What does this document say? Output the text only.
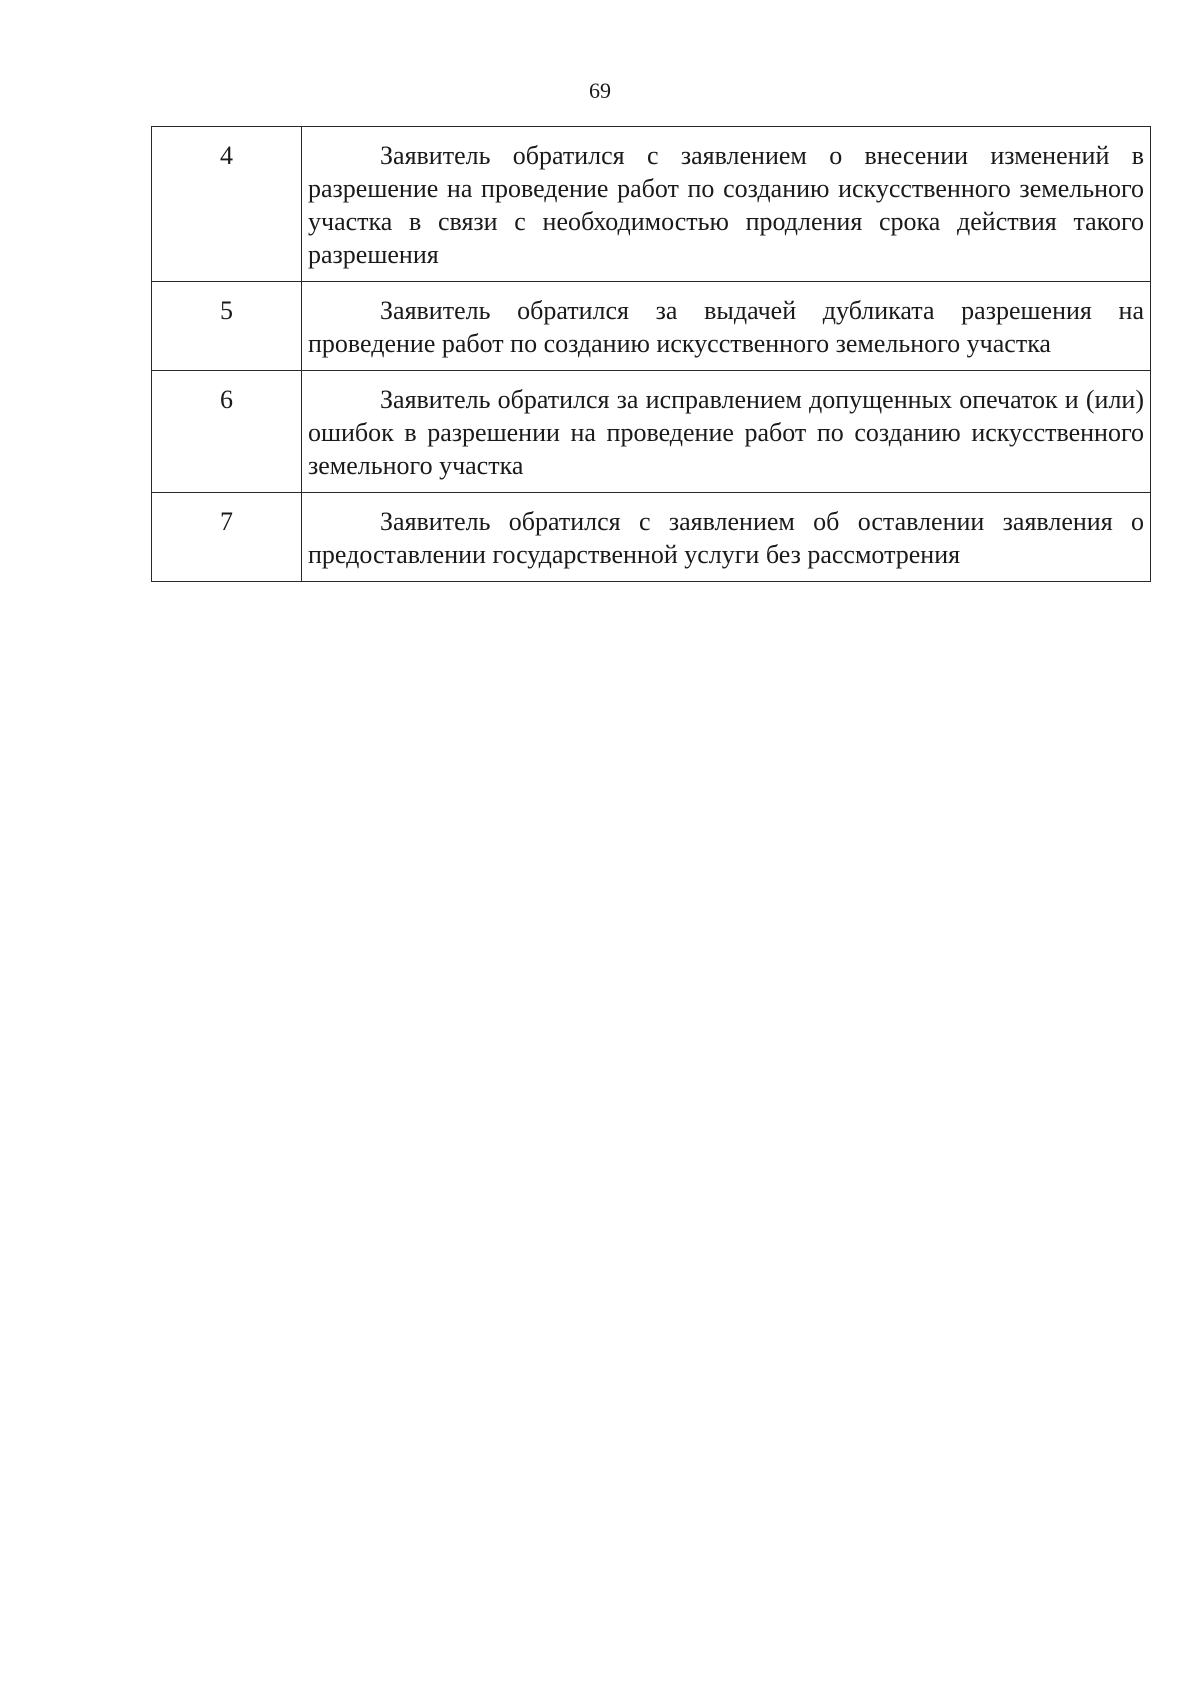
69
4	Заявитель обратился с заявлением о внесении изменений в разрешение на проведение работ по созданию искусственного земельного участка в связи с необходимостью продления срока действия такого разрешения
5	Заявитель обратился за выдачей дубликата разрешения на проведение работ по созданию искусственного земельного участка
6	Заявитель обратился за исправлением допущенных опечаток и (или) ошибок в разрешении на проведение работ по созданию искусственного земельного участка
7	Заявитель обратился с заявлением об оставлении заявления о предоставлении государственной услуги без рассмотрения
